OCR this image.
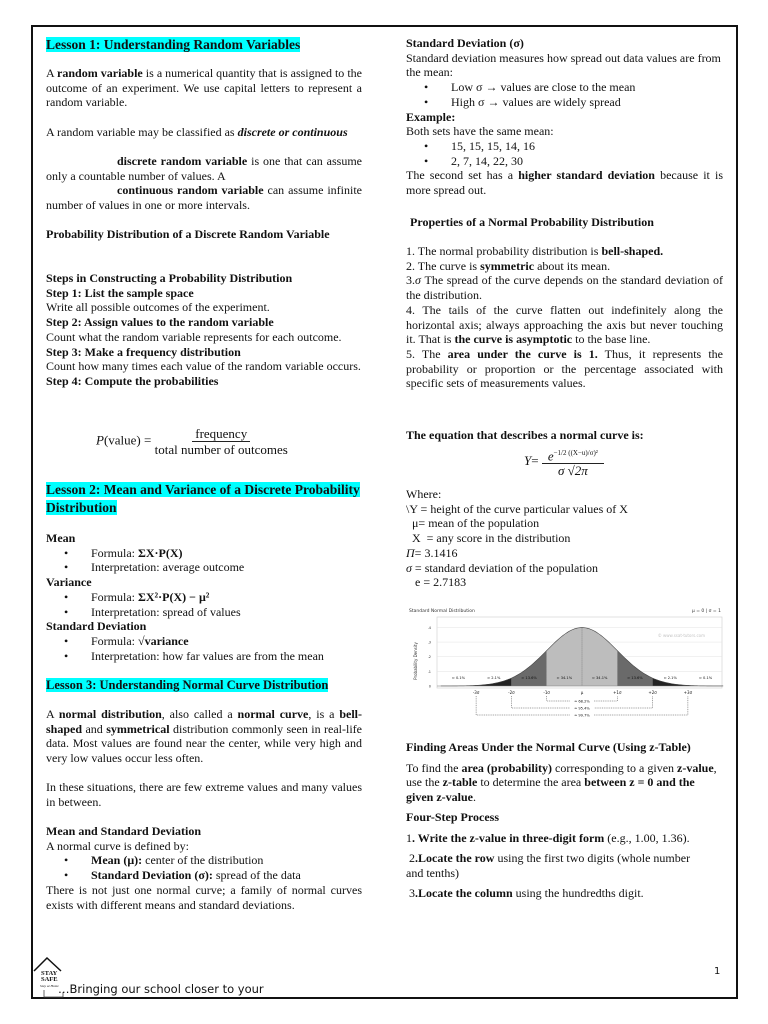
Lesson 1: Understanding Random Variables

A random variable is a numerical quantity that is assigned to the outcome of an experiment. We use capital letters to represent a random variable.

A random variable may be classified as discrete or continuous

discrete random variable is one that can assume only a countable number of values. A

continuous random variable can assume infinite number of values in one or more intervals.

Probability Distribution of a Discrete Random Variable

Steps in Constructing a Probability Distribution
Step 1: List the sample space
Write all possible outcomes of the experiment.
Step 2: Assign values to the random variable
Count what the random variable represents for each outcome.
Step 3: Make a frequency distribution
Count how many times each value of the random variable occurs.
Step 4: Compute the probabilities
P(value) = $\frac{\text{frequency}}{\text{total number of outcomes}}$
Lesson 2: Mean and Variance of a Discrete Probability Distribution
Mean
• Formula: ΣX·P(X)
• Interpretation: average outcome
Variance
• Formula: ΣX²·P(X) − μ²
• Interpretation: spread of values
Standard Deviation
• Formula: √variance
• Interpretation: how far values are from the mean
Lesson 3: Understanding Normal Curve Distribution

A normal distribution, also called a normal curve, is a bell-shaped and symmetrical distribution commonly seen in real-life data. Most values are found near the center, while very high and very low values occur less often.

In these situations, there are few extreme values and many values in between.

Mean and Standard Deviation
A normal curve is defined by:
• Mean (μ): center of the distribution
• Standard Deviation (σ): spread of the data
There is not just one normal curve; a family of normal curves exists with different means and standard deviations.
Standard Deviation (σ)
Standard deviation measures how spread out data values are from the mean:
• Low σ → values are close to the mean
• High σ → values are widely spread
Example:
Both sets have the same mean:
• 15, 15, 15, 14, 16
• 2, 7, 14, 22, 30
The second set has a higher standard deviation because it is more spread out.
Properties of a Normal Probability Distribution
1. The normal probability distribution is bell-shaped.
2. The curve is symmetric about its mean.
3.σ The spread of the curve depends on the standard deviation of the distribution.
4. The tails of the curve flatten out indefinitely along the horizontal axis; always approaching the axis but never touching it. That is the curve is asymptotic to the base line.
5. The area under the curve is 1. Thus, it represents the probability or proportion or the percentage associated with specific sets of measurements values.
The equation that describes a normal curve is:
$Y= \frac{e^{-1/2 ((X-u)/\sigma)^2}}{\sigma √2\pi}$
Where:
\Y = height of the curve particular values of X
μ= mean of the population
X  = any score in the distribution
Π= 3.1416
σ = standard deviation of the population
e = 2.7183
Standard Normal Distribution	μ = 0 | σ = 1
Probability Density
.4
.3
.2
.1
0
≈ 0.1%	≈ 2.1%	≈ 13.6%	≈ 34.1%	≈ 34.1%	≈ 13.6%	≈ 2.1%	≈ 0.1%
-3σ	-2σ	-1σ	μ	+1σ	+2σ	+3σ
≈ 68.2%
≈ 95.4%
≈ 99.7%
© www.ssat-tutors.com
Finding Areas Under the Normal Curve (Using z-Table)
To find the area (probability) corresponding to a given z-value, use the z-table to determine the area between z = 0 and the given z-value.
Four-Step Process
1. Write the z-value in three-digit form (e.g., 1.00, 1.36).
2.Locate the row using the first two digits (whole number and tenths)
3.Locate the column using the hundredths digit.
1
STAY SAFE
Stay at Home …Bringing our school closer to your
